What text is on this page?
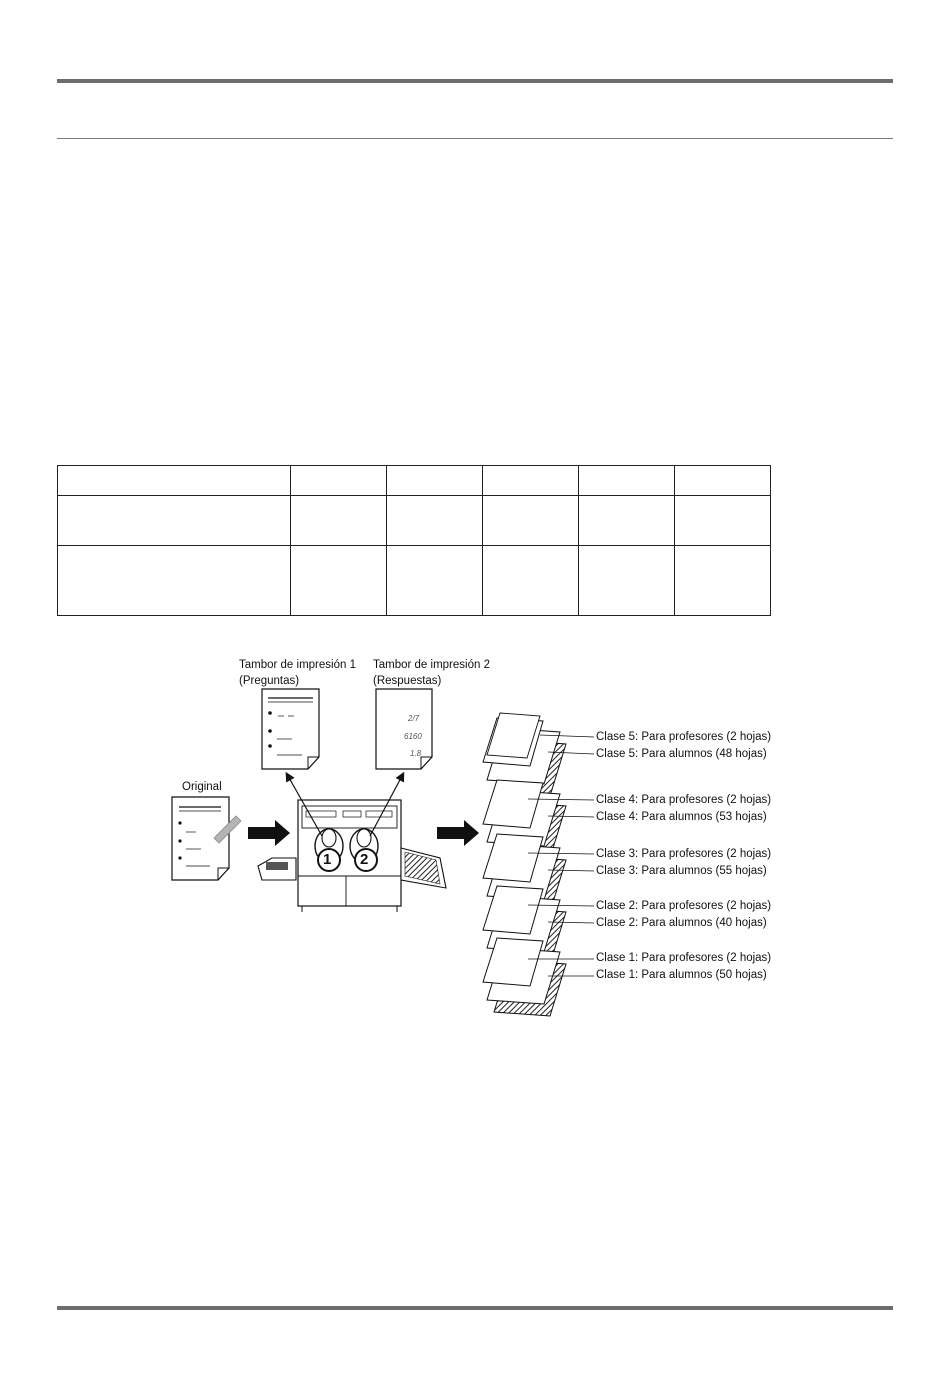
2/7
6160
1.8
1 2
Tambor de impresión 1
(Preguntas)
Tambor de impresión 2
(Respuestas)
Original
Clase 5: Para profesores (2 hojas)
Clase 5: Para alumnos (48 hojas)
Clase 4: Para profesores (2 hojas)
Clase 4: Para alumnos (53 hojas)
Clase 3: Para profesores (2 hojas)
Clase 3: Para alumnos (55 hojas)
Clase 2: Para profesores (2 hojas)
Clase 2: Para alumnos (40 hojas)
Clase 1: Para profesores (2 hojas)
Clase 1: Para alumnos (50 hojas)
